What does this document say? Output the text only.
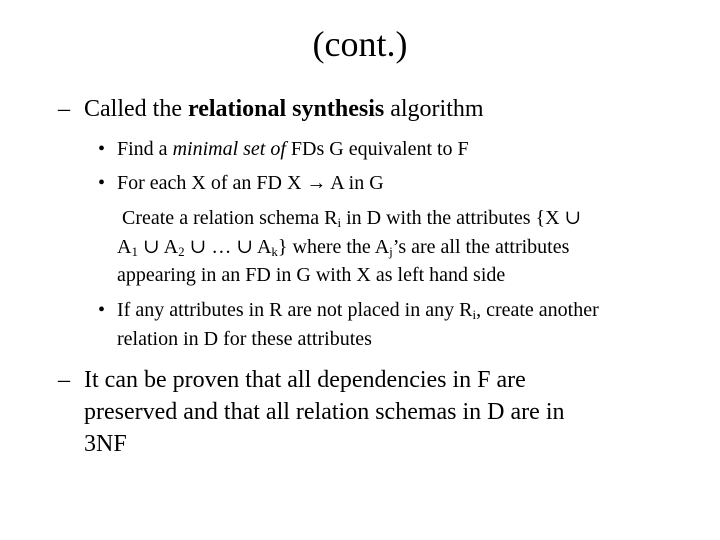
(cont.)
– Called the relational synthesis algorithm
• Find a minimal set of FDs G equivalent to F
• For each X of an FD X → A in G
Create a relation schema $R_i$ in D with the attributes {X ∪
$A_1$ ∪ $A_2$ ∪ … ∪ $A_k$} where the $A_j’s$ are all the attributes
appearing in an FD in G with X as left hand side
• If any attributes in R are not placed in any $R_i$, create another
relation in D for these attributes
– It can be proven that all dependencies in F are
preserved and that all relation schemas in D are in
3NF
